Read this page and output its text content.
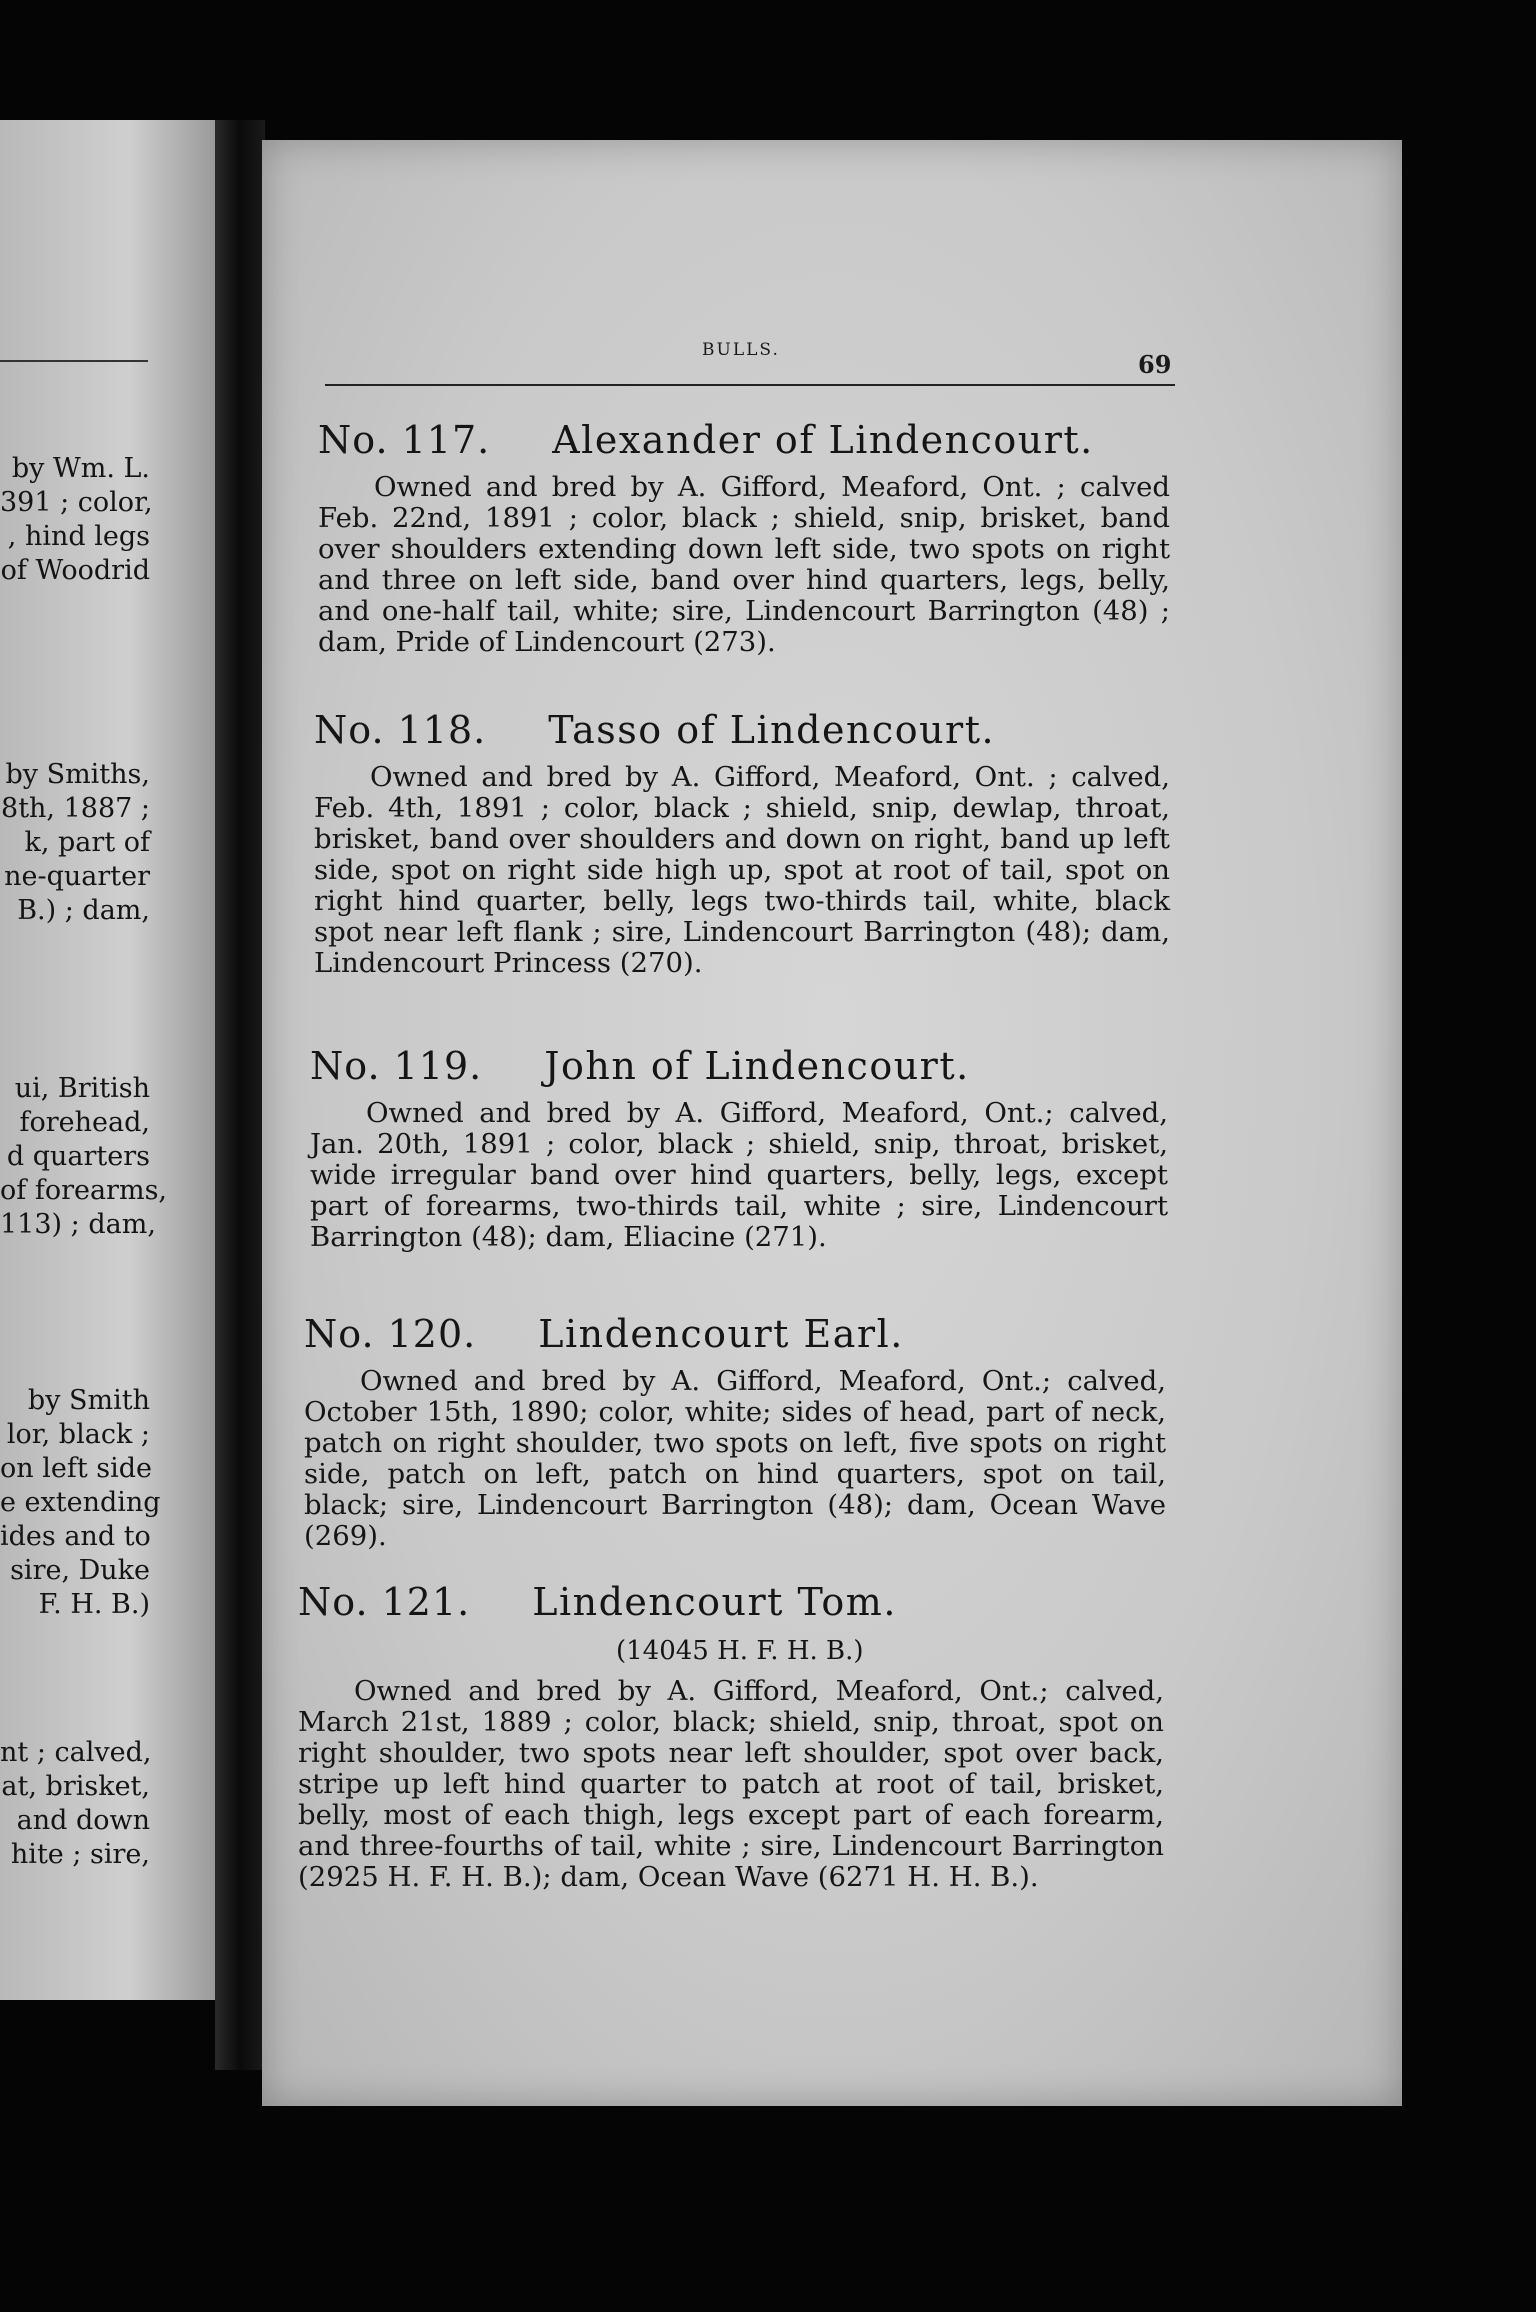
by Wm. L.
391 ; color,
, hind legs
of Woodrid
by Smiths,
8th, 1887 ;
k, part of
ne-quarter
B.) ; dam,
ui, British
forehead,
d quarters
of forearms,
113) ; dam,
by Smith
lor, black ;
on left side
e extending
ides and to
sire, Duke
F. H. B.)
nt ; calved,
at, brisket,
and down
hite ; sire,
BULLS.	69
No. 117. Alexander of Lindencourt.
Owned and bred by A. Gifford, Meaford, Ont. ; calved Feb. 22nd, 1891 ; color, black ; shield, snip, brisket, band over shoulders extending down left side, two spots on right and three on left side, band over hind quarters, legs, belly, and one-half tail, white; sire, Lindencourt Barrington (48) ; dam, Pride of Lindencourt (273).
No. 118. Tasso of Lindencourt.
Owned and bred by A. Gifford, Meaford, Ont. ; calved, Feb. 4th, 1891 ; color, black ; shield, snip, dewlap, throat, brisket, band over shoulders and down on right, band up left side, spot on right side high up, spot at root of tail, spot on right hind quarter, belly, legs two-thirds tail, white, black spot near left flank ; sire, Lindencourt Barrington (48); dam, Lindencourt Princess (270).
No. 119. John of Lindencourt.
Owned and bred by A. Gifford, Meaford, Ont.; calved, Jan. 20th, 1891 ; color, black ; shield, snip, throat, brisket, wide irregular band over hind quarters, belly, legs, except part of forearms, two-thirds tail, white ; sire, Lindencourt Barrington (48); dam, Eliacine (271).
No. 120. Lindencourt Earl.
Owned and bred by A. Gifford, Meaford, Ont.; calved, October 15th, 1890; color, white; sides of head, part of neck, patch on right shoulder, two spots on left, five spots on right side, patch on left, patch on hind quarters, spot on tail, black; sire, Lindencourt Barrington (48); dam, Ocean Wave (269).
No. 121. Lindencourt Tom.
(14045 H. F. H. B.)
Owned and bred by A. Gifford, Meaford, Ont.; calved, March 21st, 1889 ; color, black; shield, snip, throat, spot on right shoulder, two spots near left shoulder, spot over back, stripe up left hind quarter to patch at root of tail, brisket, belly, most of each thigh, legs except part of each forearm, and three-fourths of tail, white ; sire, Lindencourt Barrington (2925 H. F. H. B.); dam, Ocean Wave (6271 H. H. B.).
